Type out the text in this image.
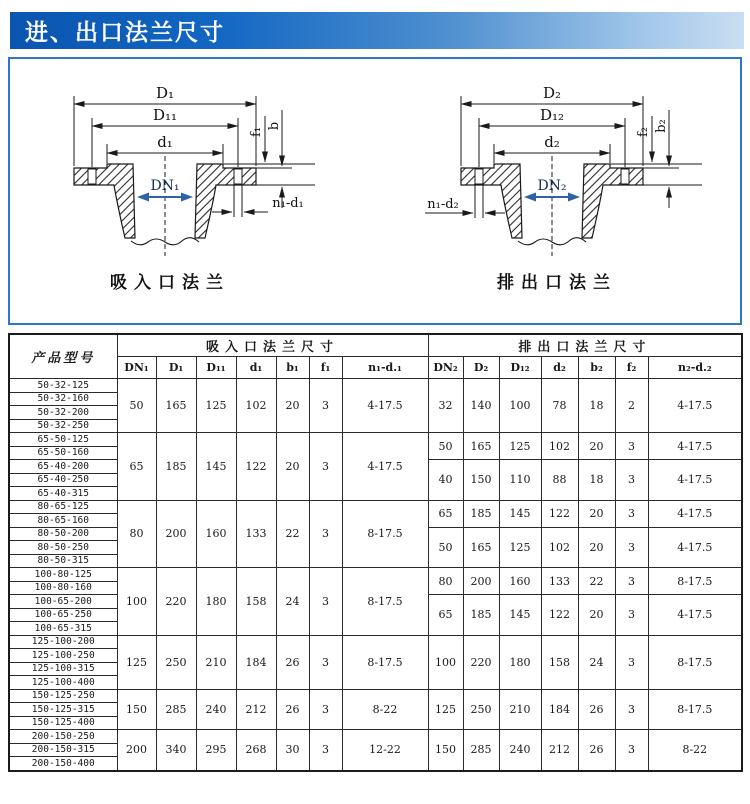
进、出口法兰尺寸
D₁
D₁₁
d₁
DN₁
f₁
b
n₁-d₁
吸入口法兰
D₂
D₁₂
d₂
DN₂
f₂ b₂
n₁-d₂
排出口法兰
产品型号	吸入口法兰尺寸							排出口法兰尺寸						
	DN₁	D₁	D₁₁	d₁	b₁	f₁	n₁-d.₁	DN₂	D₂	D₁₂	d₂	b₂	f₂	n₂-d.₂
50-32-125	50	165	125	102	20	3	4-17.5	32	140	100	78	18	2	4-17.5
50-32-160														
50-32-200														
50-32-250														
65-50-125	65	185	145	122	20	3	4-17.5	50	165	125	102	20	3	4-17.5
65-50-160														
65-40-200								40	150	110	88	18	3	4-17.5
65-40-250														
65-40-315														
80-65-125	80	200	160	133	22	3	8-17.5	65	185	145	122	20	3	4-17.5
80-65-160														
80-50-200								50	165	125	102	20	3	4-17.5
80-50-250														
80-50-315														
100-80-125	100	220	180	158	24	3	8-17.5	80	200	160	133	22	3	8-17.5
100-80-160														
100-65-200								65	185	145	122	20	3	4-17.5
100-65-250														
100-65-315														
125-100-200	125	250	210	184	26	3	8-17.5	100	220	180	158	24	3	8-17.5
125-100-250														
125-100-315														
125-100-400														
150-125-250	150	285	240	212	26	3	8-22	125	250	210	184	26	3	8-17.5
150-125-315														
150-125-400														
200-150-250	200	340	295	268	30	3	12-22	150	285	240	212	26	3	8-22
200-150-315														
200-150-400														
